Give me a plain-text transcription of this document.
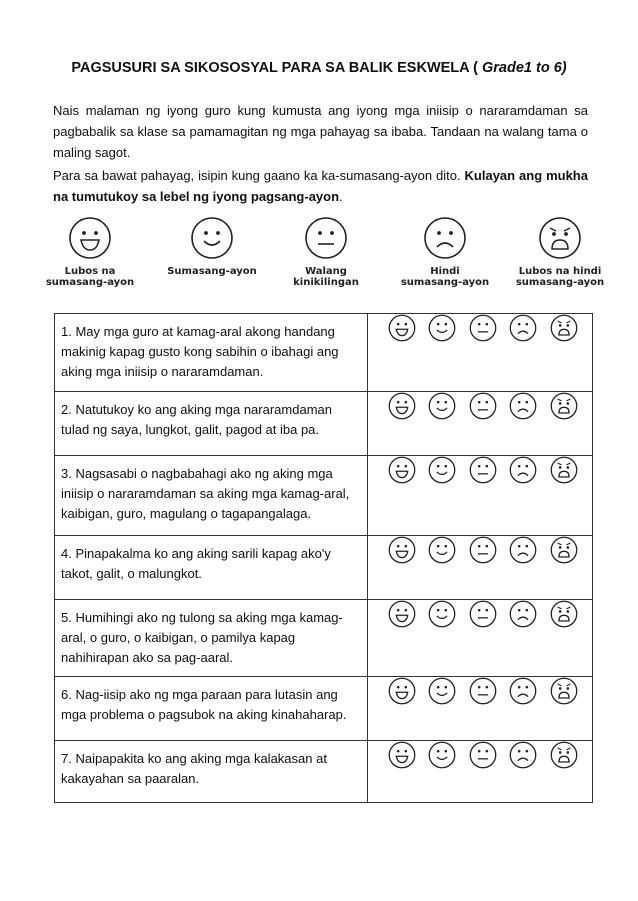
PAGSUSURI SA SIKOSOSYAL PARA SA BALIK ESKWELA ( Grade1 to 6)
Nais malaman ng iyong guro kung kumusta ang iyong mga iniisip o nararamdaman sa pagbabalik sa klase sa pamamagitan ng mga pahayag sa ibaba. Tandaan na walang tama o maling sagot.
Para sa bawat pahayag, isipin kung gaano ka ka-sumasang-ayon dito. Kulayan ang mukha na tumutukoy sa lebel ng iyong pagsang-ayon.
Lubos na
sumasang-ayon
Sumasang-ayon	Walang
kinikilingan
Hindi
sumasang-ayon
Lubos na hindi
sumasang-ayon
1. May mga guro at kamag-aral akong handang makinig kapag gusto kong sabihin o ibahagi ang aking mga iniisip o nararamdaman.	

2. Natutukoy ko ang aking mga nararamdaman tulad ng saya, lungkot, galit, pagod at iba pa.	

3. Nagsasabi o nagbabahagi ako ng aking mga iniisip o nararamdaman sa aking mga kamag-aral, kaibigan, guro, magulang o tagapangalaga.	

4. Pinapakalma ko ang aking sarili kapag ako'y takot, galit, o malungkot.	

5. Humihingi ako ng tulong sa aking mga kamag-aral, o guro, o kaibigan, o pamilya kapag nahihirapan ako sa pag-aaral.	

6. Nag-iisip ako ng mga paraan para lutasin ang mga problema o pagsubok na aking kinahaharap.	

7. Naipapakita ko ang aking mga kalakasan at kakayahan sa paaralan.	
